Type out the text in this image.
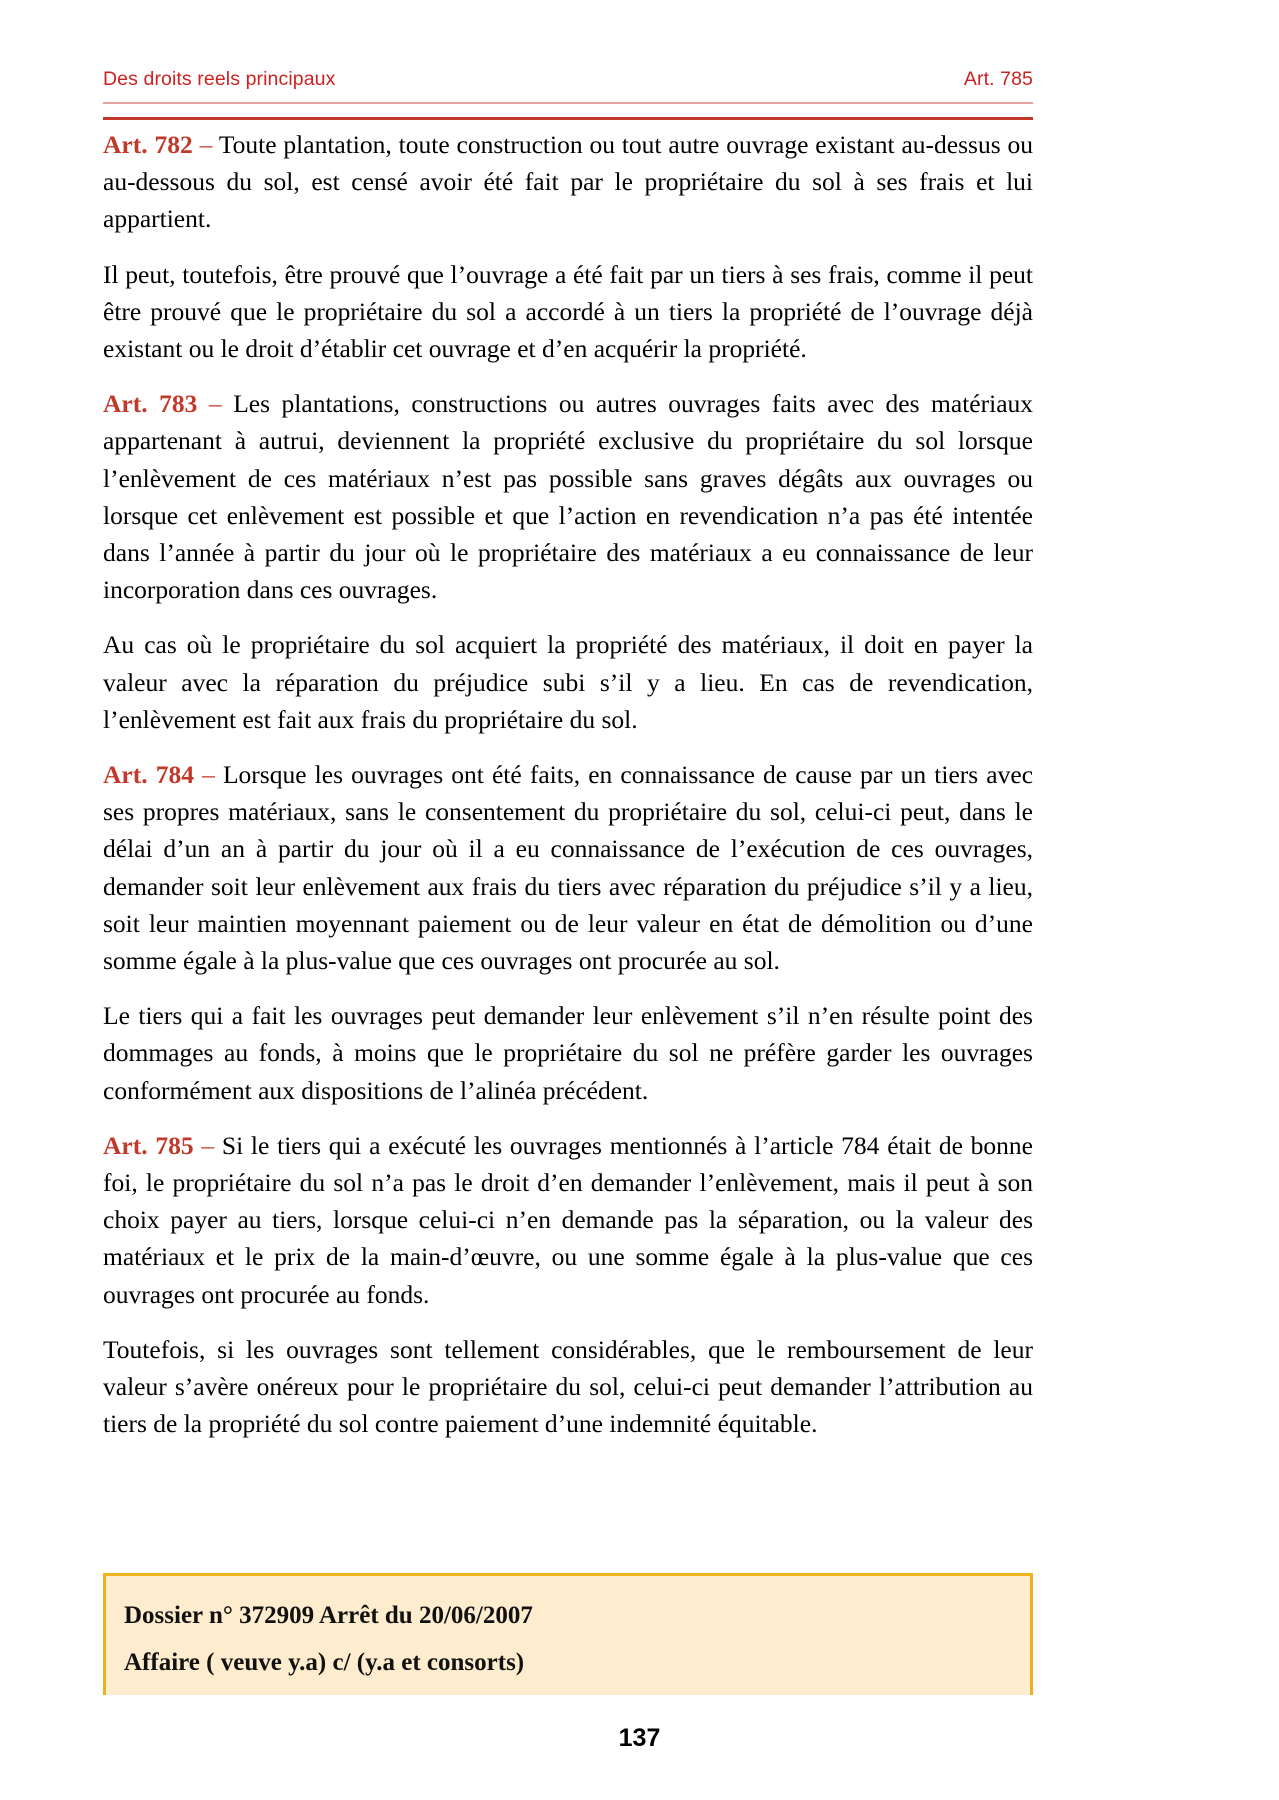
Des droits reels principaux	Art. 785

Art. 782 – Toute plantation, toute construction ou tout autre ouvrage existant au-dessus ou au-dessous du sol, est censé avoir été fait par le propriétaire du sol à ses frais et lui appartient.

Il peut, toutefois, être prouvé que l’ouvrage a été fait par un tiers à ses frais, comme il peut être prouvé que le propriétaire du sol a accordé à un tiers la propriété de l’ouvrage déjà existant ou le droit d’établir cet ouvrage et d’en acquérir la propriété.

Art. 783 – Les plantations, constructions ou autres ouvrages faits avec des matériaux appartenant à autrui, deviennent la propriété exclusive du propriétaire du sol lorsque l’enlèvement de ces matériaux n’est pas possible sans graves dégâts aux ouvrages ou lorsque cet enlèvement est possible et que l’action en revendication n’a pas été intentée dans l’année à partir du jour où le propriétaire des matériaux a eu connaissance de leur incorporation dans ces ouvrages.

Au cas où le propriétaire du sol acquiert la propriété des matériaux, il doit en payer la valeur avec la réparation du préjudice subi s’il y a lieu. En cas de revendication, l’enlèvement est fait aux frais du propriétaire du sol.

Art. 784 – Lorsque les ouvrages ont été faits, en connaissance de cause par un tiers avec ses propres matériaux, sans le consentement du propriétaire du sol, celui-ci peut, dans le délai d’un an à partir du jour où il a eu connaissance de l’exécution de ces ouvrages, demander soit leur enlèvement aux frais du tiers avec réparation du préjudice s’il y a lieu, soit leur maintien moyennant paiement ou de leur valeur en état de démolition ou d’une somme égale à la plus-value que ces ouvrages ont procurée au sol.

Le tiers qui a fait les ouvrages peut demander leur enlèvement s’il n’en résulte point des dommages au fonds, à moins que le propriétaire du sol ne préfère garder les ouvrages conformément aux dispositions de l’alinéa précédent.

Art. 785 – Si le tiers qui a exécuté les ouvrages mentionnés à l’article 784 était de bonne foi, le propriétaire du sol n’a pas le droit d’en demander l’enlèvement, mais il peut à son choix payer au tiers, lorsque celui-ci n’en demande pas la séparation, ou la valeur des matériaux et le prix de la main-d’œuvre, ou une somme égale à la plus-value que ces ouvrages ont procurée au fonds.

Toutefois, si les ouvrages sont tellement considérables, que le remboursement de leur valeur s’avère onéreux pour le propriétaire du sol, celui-ci peut demander l’attribution au tiers de la propriété du sol contre paiement d’une indemnité équitable.

Dossier n° 372909 Arrêt du 20/06/2007

Affaire ( veuve y.a) c/ (y.a et consorts)

137
